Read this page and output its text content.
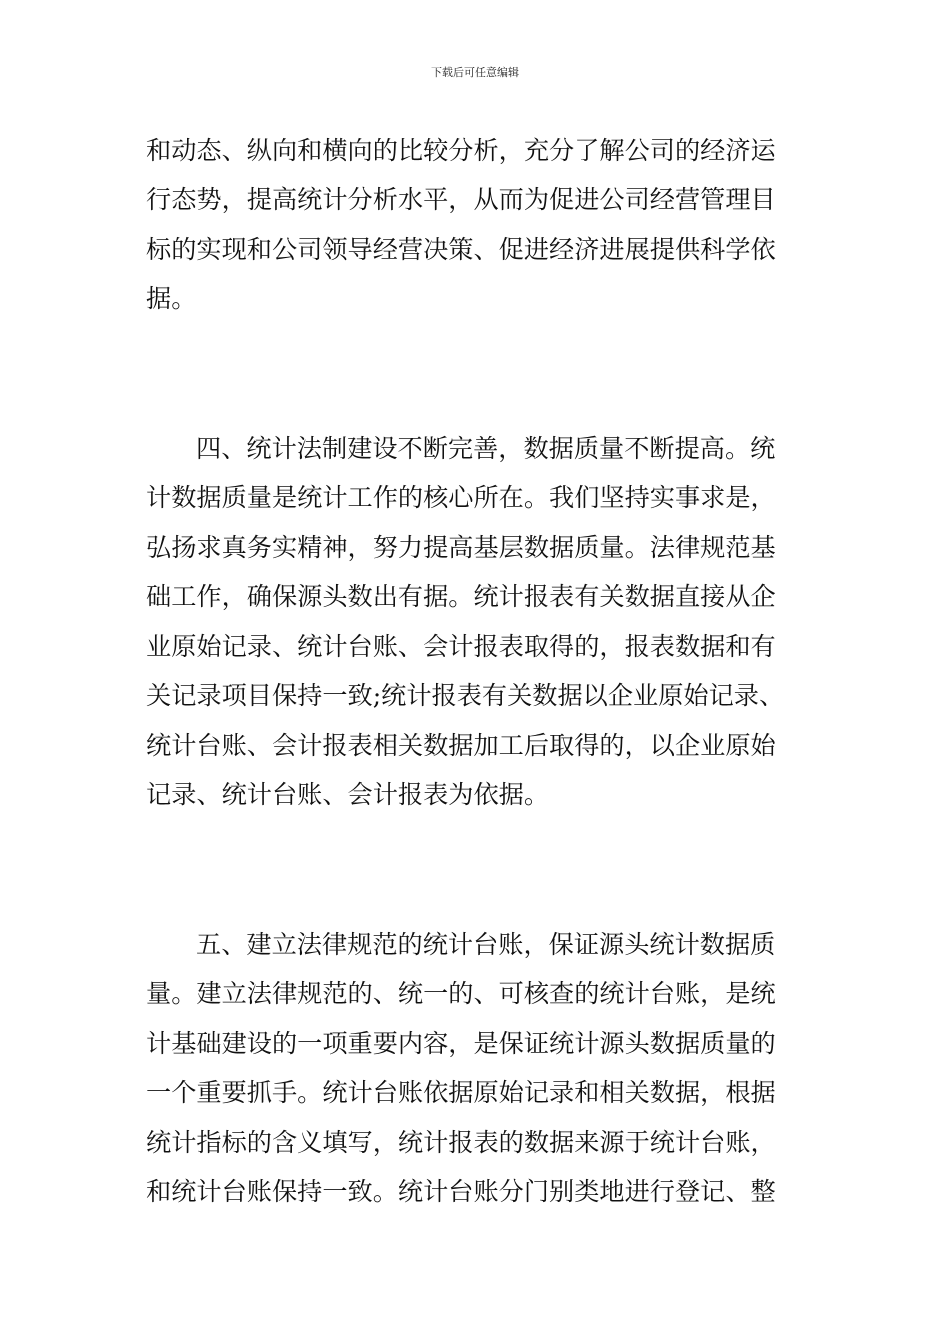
下载后可任意编辑
和动态、纵向和横向的比较分析，充分了解公司的经济运
行态势，提高统计分析水平，从而为促进公司经营管理目
标的实现和公司领导经营决策、促进经济进展提供科学依
据。
四、统计法制建设不断完善，数据质量不断提高。统
计数据质量是统计工作的核心所在。我们坚持实事求是，
弘扬求真务实精神，努力提高基层数据质量。法律规范基
础工作，确保源头数出有据。统计报表有关数据直接从企
业原始记录、统计台账、会计报表取得的，报表数据和有
关记录项目保持一致;统计报表有关数据以企业原始记录、
统计台账、会计报表相关数据加工后取得的，以企业原始
记录、统计台账、会计报表为依据。
五、建立法律规范的统计台账，保证源头统计数据质
量。建立法律规范的、统一的、可核查的统计台账，是统
计基础建设的一项重要内容，是保证统计源头数据质量的
一个重要抓手。统计台账依据原始记录和相关数据，根据
统计指标的含义填写，统计报表的数据来源于统计台账，
和统计台账保持一致。统计台账分门别类地进行登记、整
